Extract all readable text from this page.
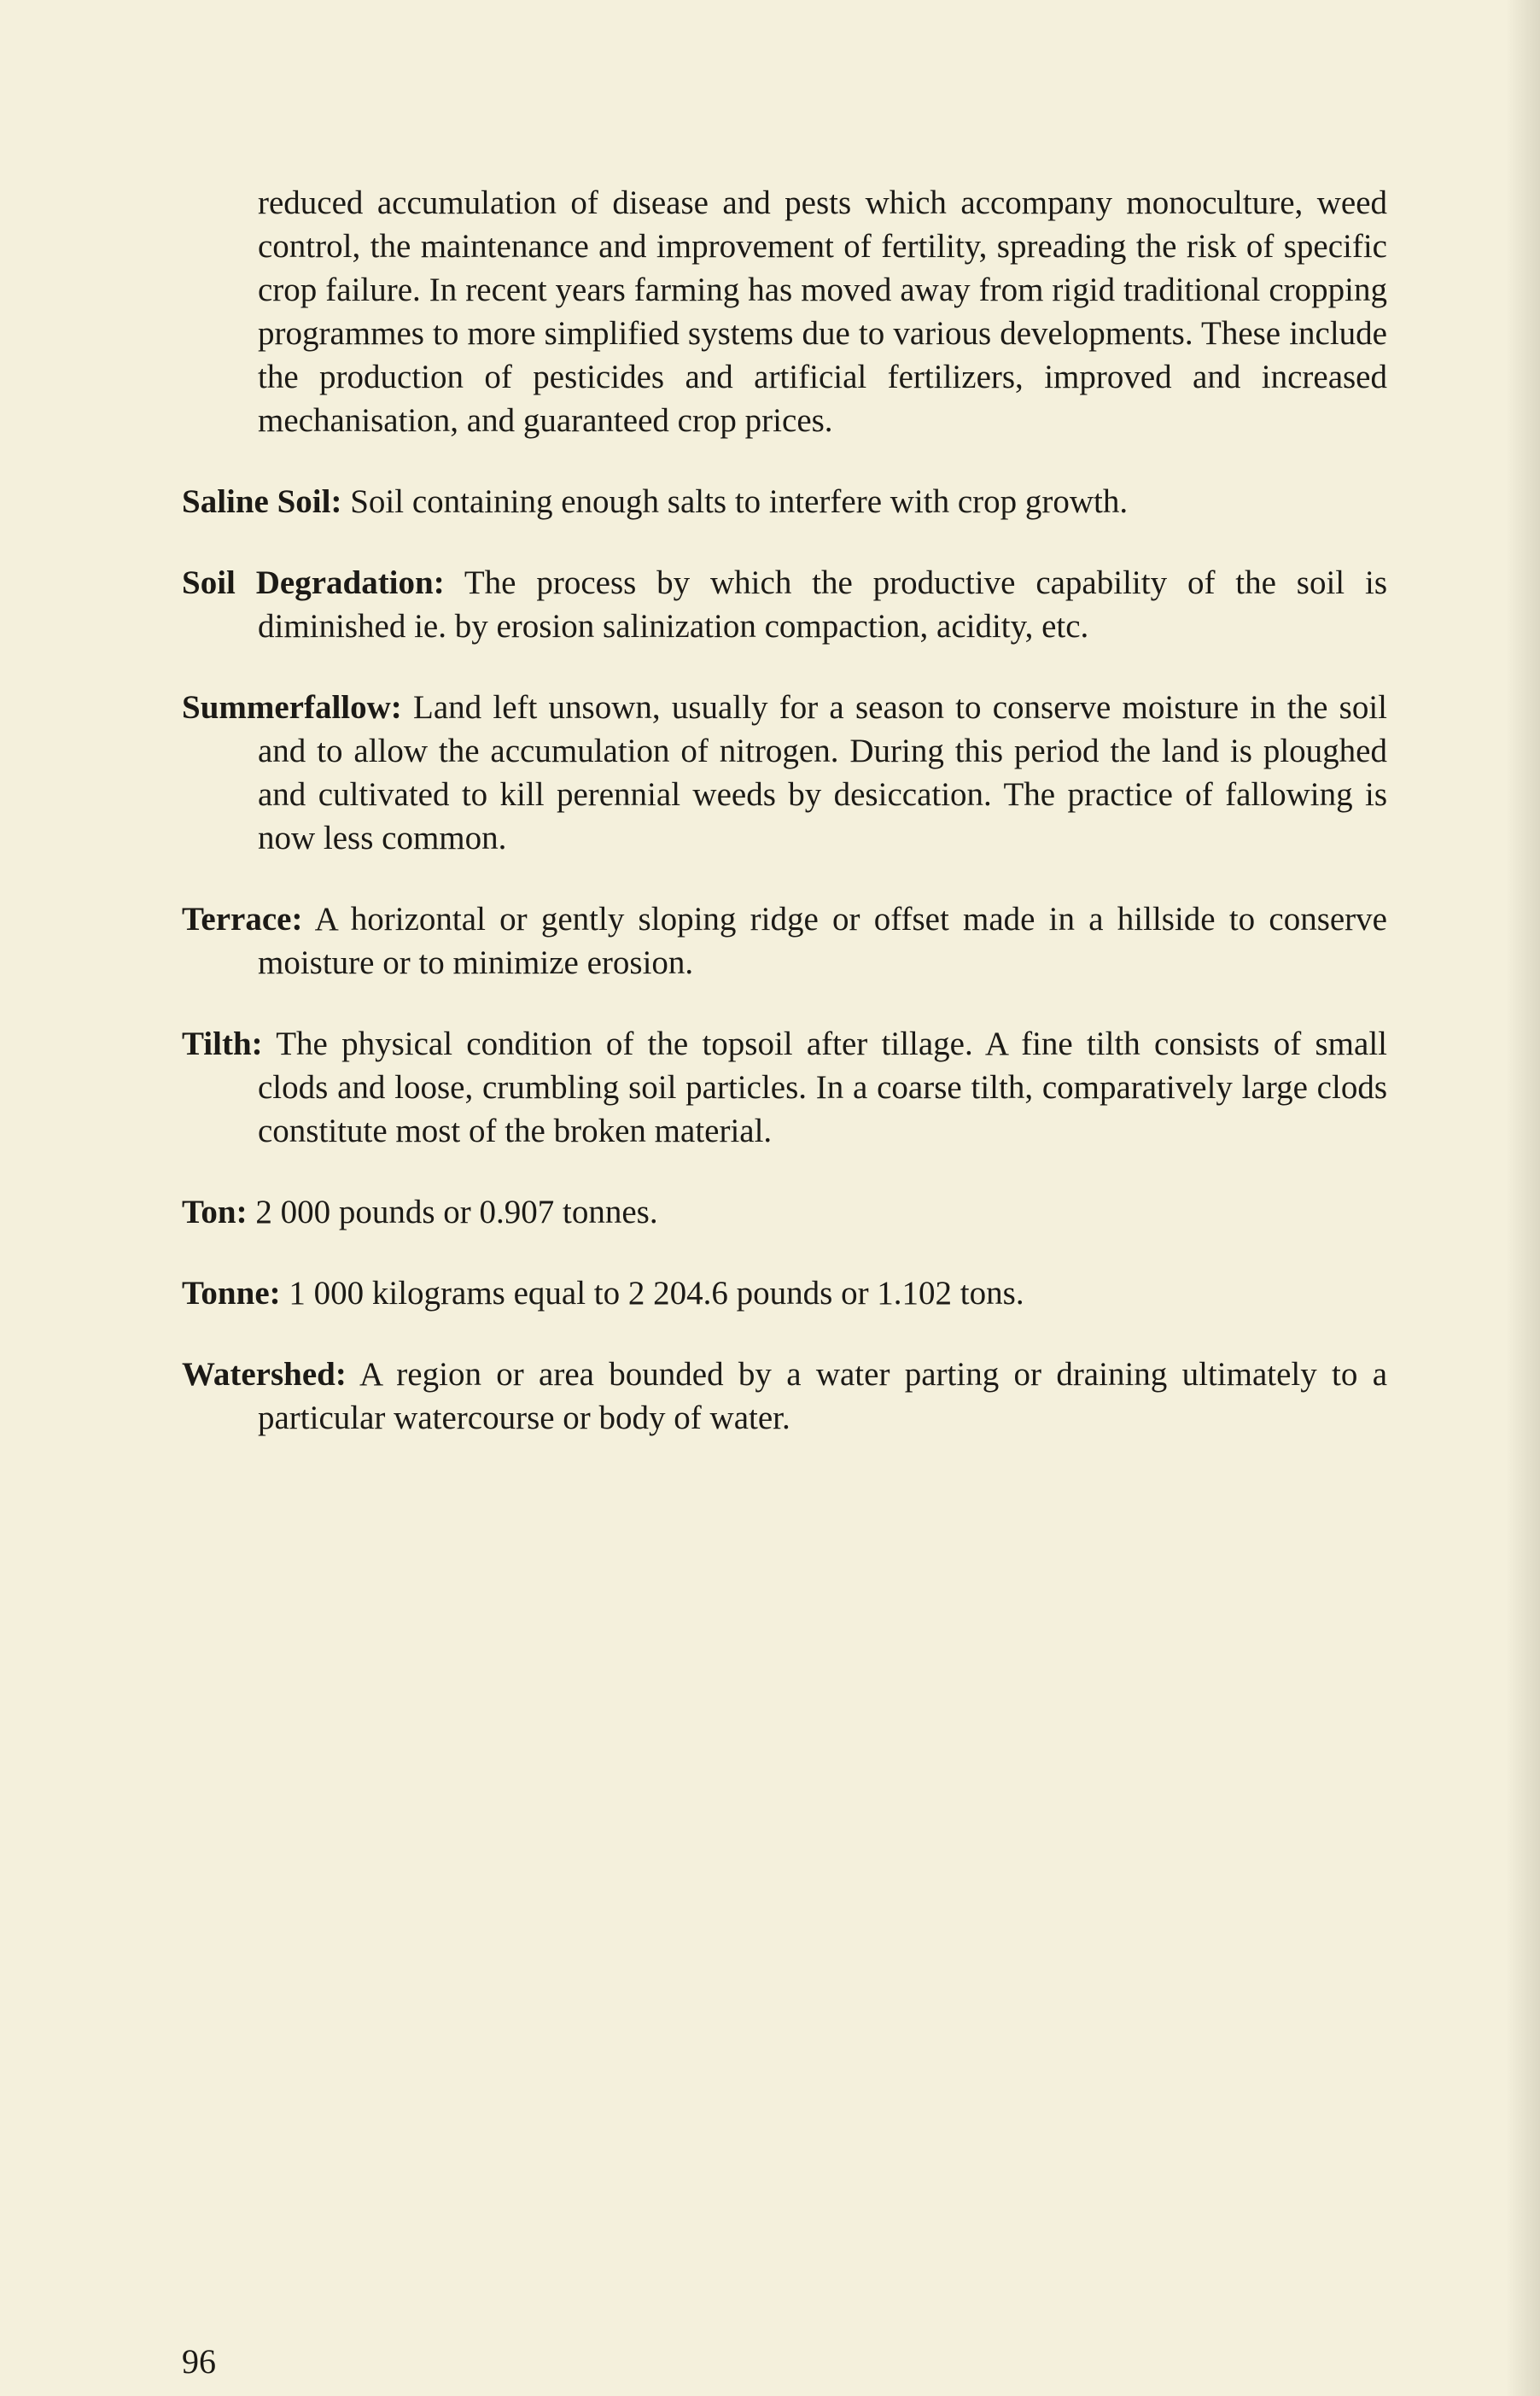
reduced accumulation of disease and pests which accompany monoculture, weed control, the maintenance and improvement of fertility, spreading the risk of specific crop failure. In recent years farming has moved away from rigid traditional cropping programmes to more simplified systems due to various developments. These include the production of pesticides and artificial fertilizers, improved and increased mechanisation, and guaranteed crop prices.

Saline Soil: Soil containing enough salts to interfere with crop growth.

Soil Degradation: The process by which the productive capability of the soil is diminished ie. by erosion salinization compaction, acidity, etc.

Summerfallow: Land left unsown, usually for a season to conserve moisture in the soil and to allow the accumulation of nitrogen. During this period the land is ploughed and cultivated to kill perennial weeds by desiccation. The practice of fallowing is now less common.

Terrace: A horizontal or gently sloping ridge or offset made in a hillside to conserve moisture or to minimize erosion.

Tilth: The physical condition of the topsoil after tillage. A fine tilth consists of small clods and loose, crumbling soil particles. In a coarse tilth, comparatively large clods constitute most of the broken material.

Ton: 2 000 pounds or 0.907 tonnes.

Tonne: 1 000 kilograms equal to 2 204.6 pounds or 1.102 tons.

Watershed: A region or area bounded by a water parting or draining ultimately to a particular watercourse or body of water.

96
